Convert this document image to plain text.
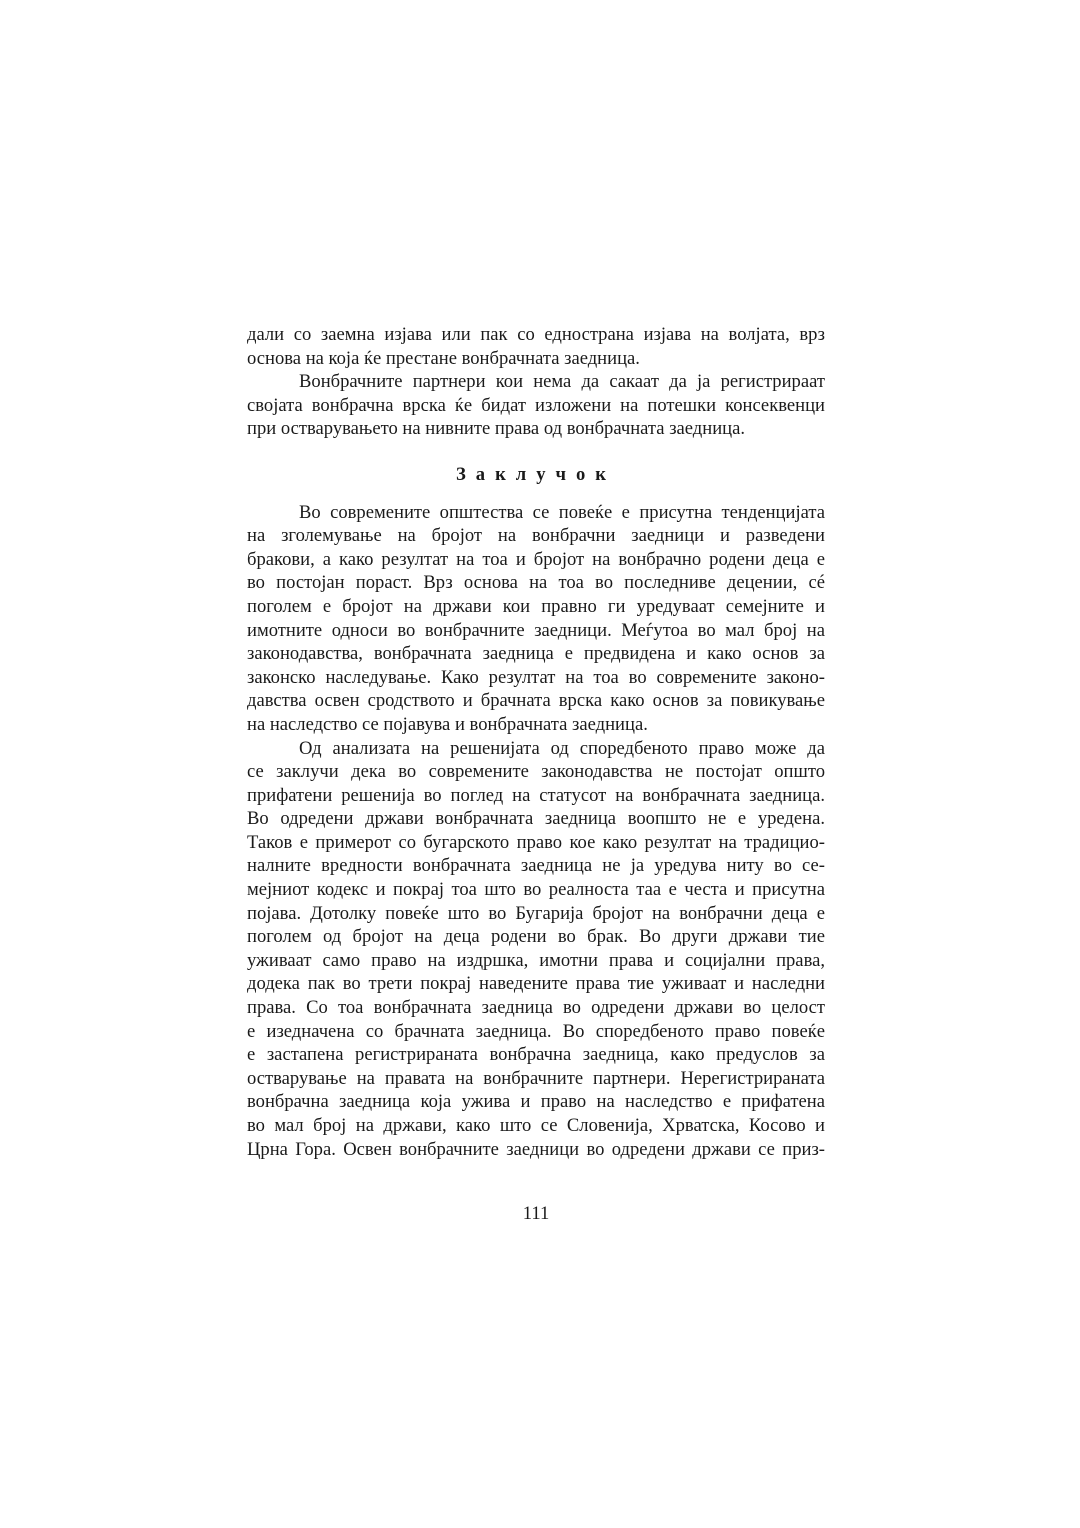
дали со заемна изјава или пак со еднострана изјава на волјата, врз
основа на која ќе престане вонбрачната заедница.
Вонбрачните партнери кои нема да сакаат да ја регистрираат
својата вонбрачна врска ќе бидат изложени на потешки консеквенци
при остварувањето на нивните права од вонбрачната заедница.
Заклучок
Во современите општества се повеќе е присутна тенденцијата
на зголемување на бројот на вонбрачни заедници и разведени
бракови, а како резултат на тоа и бројот на вонбрачно родени деца е
во постојан пораст. Врз основа на тоа во последниве децении, сé
поголем е бројот на држави кои правно ги уредуваат семејните и
имотните односи во вонбрачните заедници. Меѓутоа во мал број на
законодавства, вонбрачната заедница е предвидена и како основ за
законско наследување. Како резултат на тоа во современите законо-
давства освен сродството и брачната врска како основ за повикување
на наследство се појавува и вонбрачната заедница.
Од анализата на решенијата од споредбеното право може да
се заклучи дека во современите законодавства не постојат општо
прифатени решенија во поглед на статусот на вонбрачната заедница.
Во одредени држави вонбрачната заедница воопшто не е уредена.
Таков е примерот со бугарското право кое како резултат на традицио-
налните вредности вонбрачната заедница не ја уредува ниту во се-
мејниот кодекс и покрај тоа што во реалноста таа е честа и присутна
појава. Дотолку повеќе што во Бугарија бројот на вонбрачни деца е
поголем од бројот на деца родени во брак. Во други држави тие
уживаат само право на издршка, имотни права и социјални права,
додека пак во трети покрај наведените права тие уживаат и наследни
права. Со тоа вонбрачната заедница во одредени држави во целост
е изедначена со брачната заедница. Во споредбеното право повеќе
е застапена регистрираната вонбрачна заедница, како предуслов за
остварување на правата на вонбрачните партнери. Нерегистрираната
вонбрачна заедница која ужива и право на наследство е прифатена
во мал број на држави, како што се Словенија, Хрватска, Косово и
Црна Гора. Освен вонбрачните заедници во одредени држави се приз-
111
